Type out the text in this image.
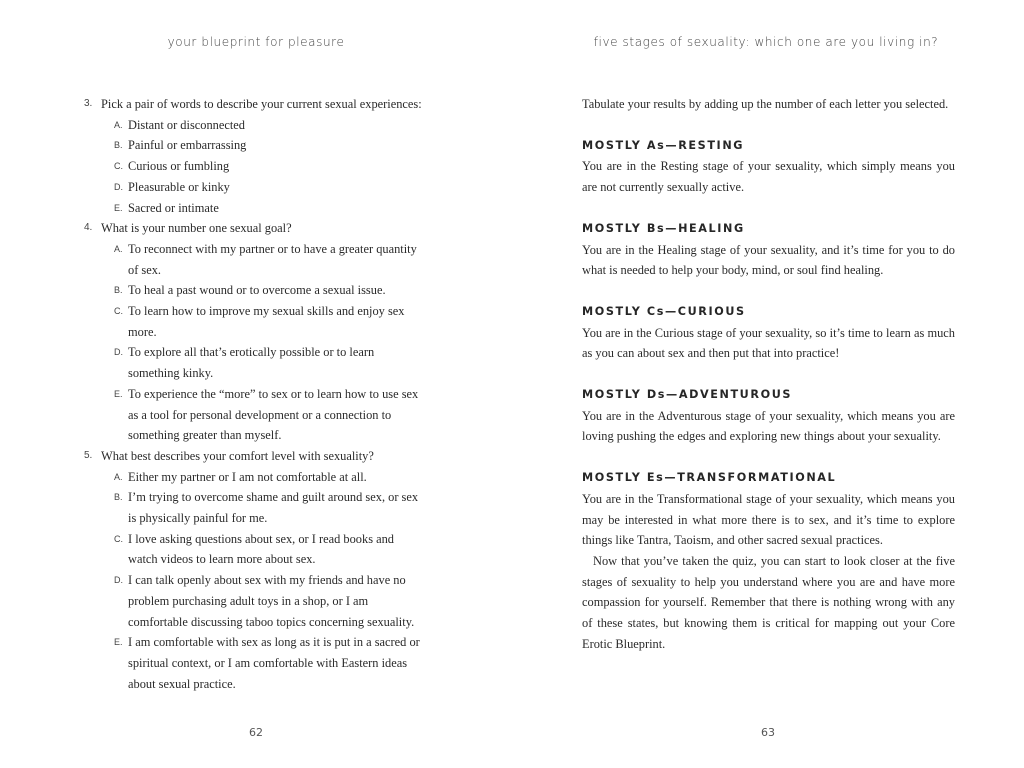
your blueprint for pleasure
3. Pick a pair of words to describe your current sexual experiences:
A. Distant or disconnected
B. Painful or embarrassing
C. Curious or fumbling
D. Pleasurable or kinky
E. Sacred or intimate
4. What is your number one sexual goal?
A. To reconnect with my partner or to have a greater quantity of sex.
B. To heal a past wound or to overcome a sexual issue.
C. To learn how to improve my sexual skills and enjoy sex more.
D. To explore all that’s erotically possible or to learn something kinky.
E. To experience the “more” to sex or to learn how to use sex as a tool for personal development or a connection to something greater than myself.
5. What best describes your comfort level with sexuality?
A. Either my partner or I am not comfortable at all.
B. I’m trying to overcome shame and guilt around sex, or sex is physically painful for me.
C. I love asking questions about sex, or I read books and watch videos to learn more about sex.
D. I can talk openly about sex with my friends and have no problem purchasing adult toys in a shop, or I am comfortable discussing taboo topics concerning sexuality.
E. I am comfortable with sex as long as it is put in a sacred or spiritual context, or I am comfortable with Eastern ideas about sexual practice.
62
five stages of sexuality: which one are you living in?

Tabulate your results by adding up the number of each letter you selected.

MOSTLY As—RESTING

You are in the Resting stage of your sexuality, which simply means you are not currently sexually active.

MOSTLY Bs—HEALING

You are in the Healing stage of your sexuality, and it’s time for you to do what is needed to help your body, mind, or soul find healing.

MOSTLY Cs—CURIOUS

You are in the Curious stage of your sexuality, so it’s time to learn as much as you can about sex and then put that into practice!

MOSTLY Ds—ADVENTUROUS

You are in the Adventurous stage of your sexuality, which means you are loving pushing the edges and exploring new things about your sexuality.

MOSTLY Es—TRANSFORMATIONAL

You are in the Transformational stage of your sexuality, which means you may be interested in what more there is to sex, and it’s time to explore things like Tantra, Taoism, and other sacred sexual practices.

Now that you’ve taken the quiz, you can start to look closer at the five stages of sexuality to help you understand where you are and have more compassion for yourself. Remember that there is nothing wrong with any of these states, but knowing them is critical for mapping out your Core Erotic Blueprint.

63
